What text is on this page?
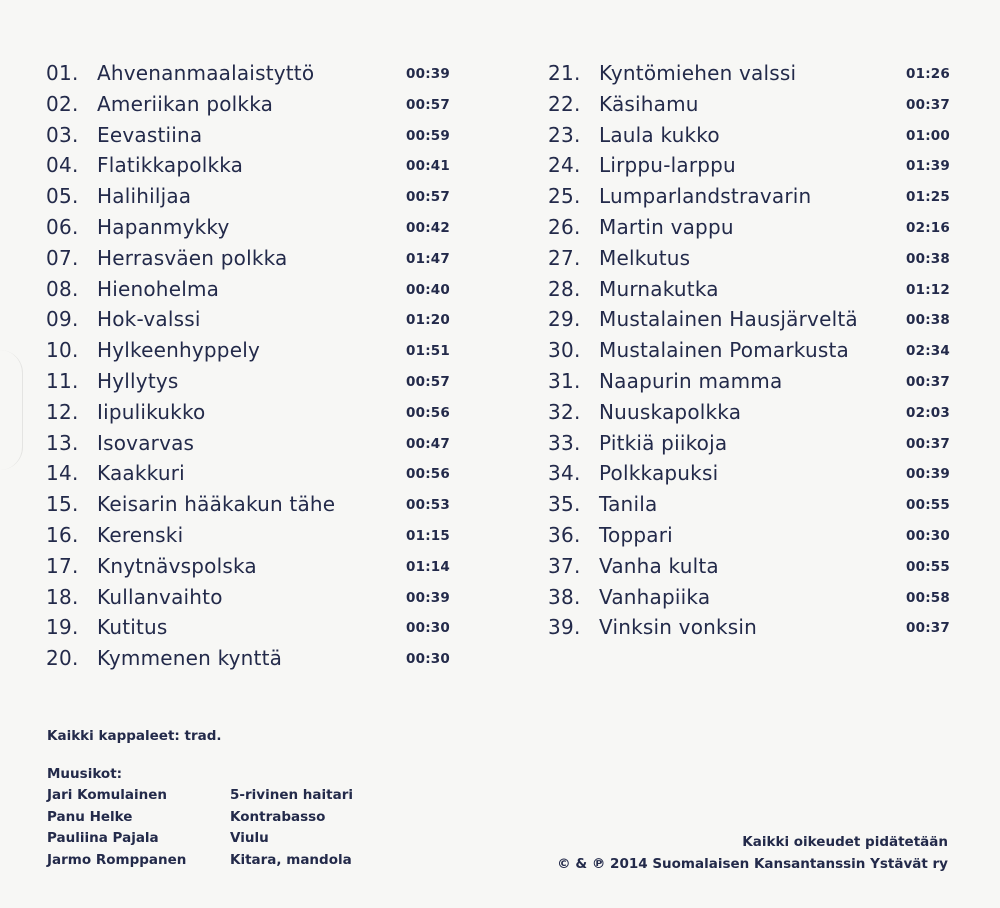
01. Ahvenanmaalaistyttö	00:39
02. Ameriikan polkka	00:57
03. Eevastiina	00:59
04. Flatikkapolkka	00:41
05. Halihiljaa	00:57
06. Hapanmykky	00:42
07. Herrasväen polkka	01:47
08. Hienohelma	00:40
09. Hok-valssi	01:20
10. Hylkeenhyppely	01:51
11. Hyllytys	00:57
12. Iipulikukko	00:56
13. Isovarvas	00:47
14. Kaakkuri	00:56
15. Keisarin hääkakun tähe	00:53
16. Kerenski	01:15
17. Knytnävspolska	01:14
18. Kullanvaihto	00:39
19. Kutitus	00:30
20. Kymmenen kynttä	00:30
21. Kyntömiehen valssi	01:26
22. Käsihamu	00:37
23. Laula kukko	01:00
24. Lirppu-larppu	01:39
25. Lumparlandstravarin	01:25
26. Martin vappu	02:16
27. Melkutus	00:38
28. Murnakutka	01:12
29. Mustalainen Hausjärveltä	00:38
30. Mustalainen Pomarkusta	02:34
31. Naapurin mamma	00:37
32. Nuuskapolkka	02:03
33. Pitkiä piikoja	00:37
34. Polkkapuksi	00:39
35. Tanila	00:55
36. Toppari	00:30
37. Vanha kulta	00:55
38. Vanhapiika	00:58
39. Vinksin vonksin	00:37
Kaikki kappaleet: trad.
Muusikot:
Jari Komulainen	5-rivinen haitari
Panu Helke	Kontrabasso
Pauliina Pajala	Viulu
Jarmo Romppanen	Kitara, mandola
Kaikki oikeudet pidätetään
© & ℗ 2014 Suomalaisen Kansantanssin Ystävät ry
